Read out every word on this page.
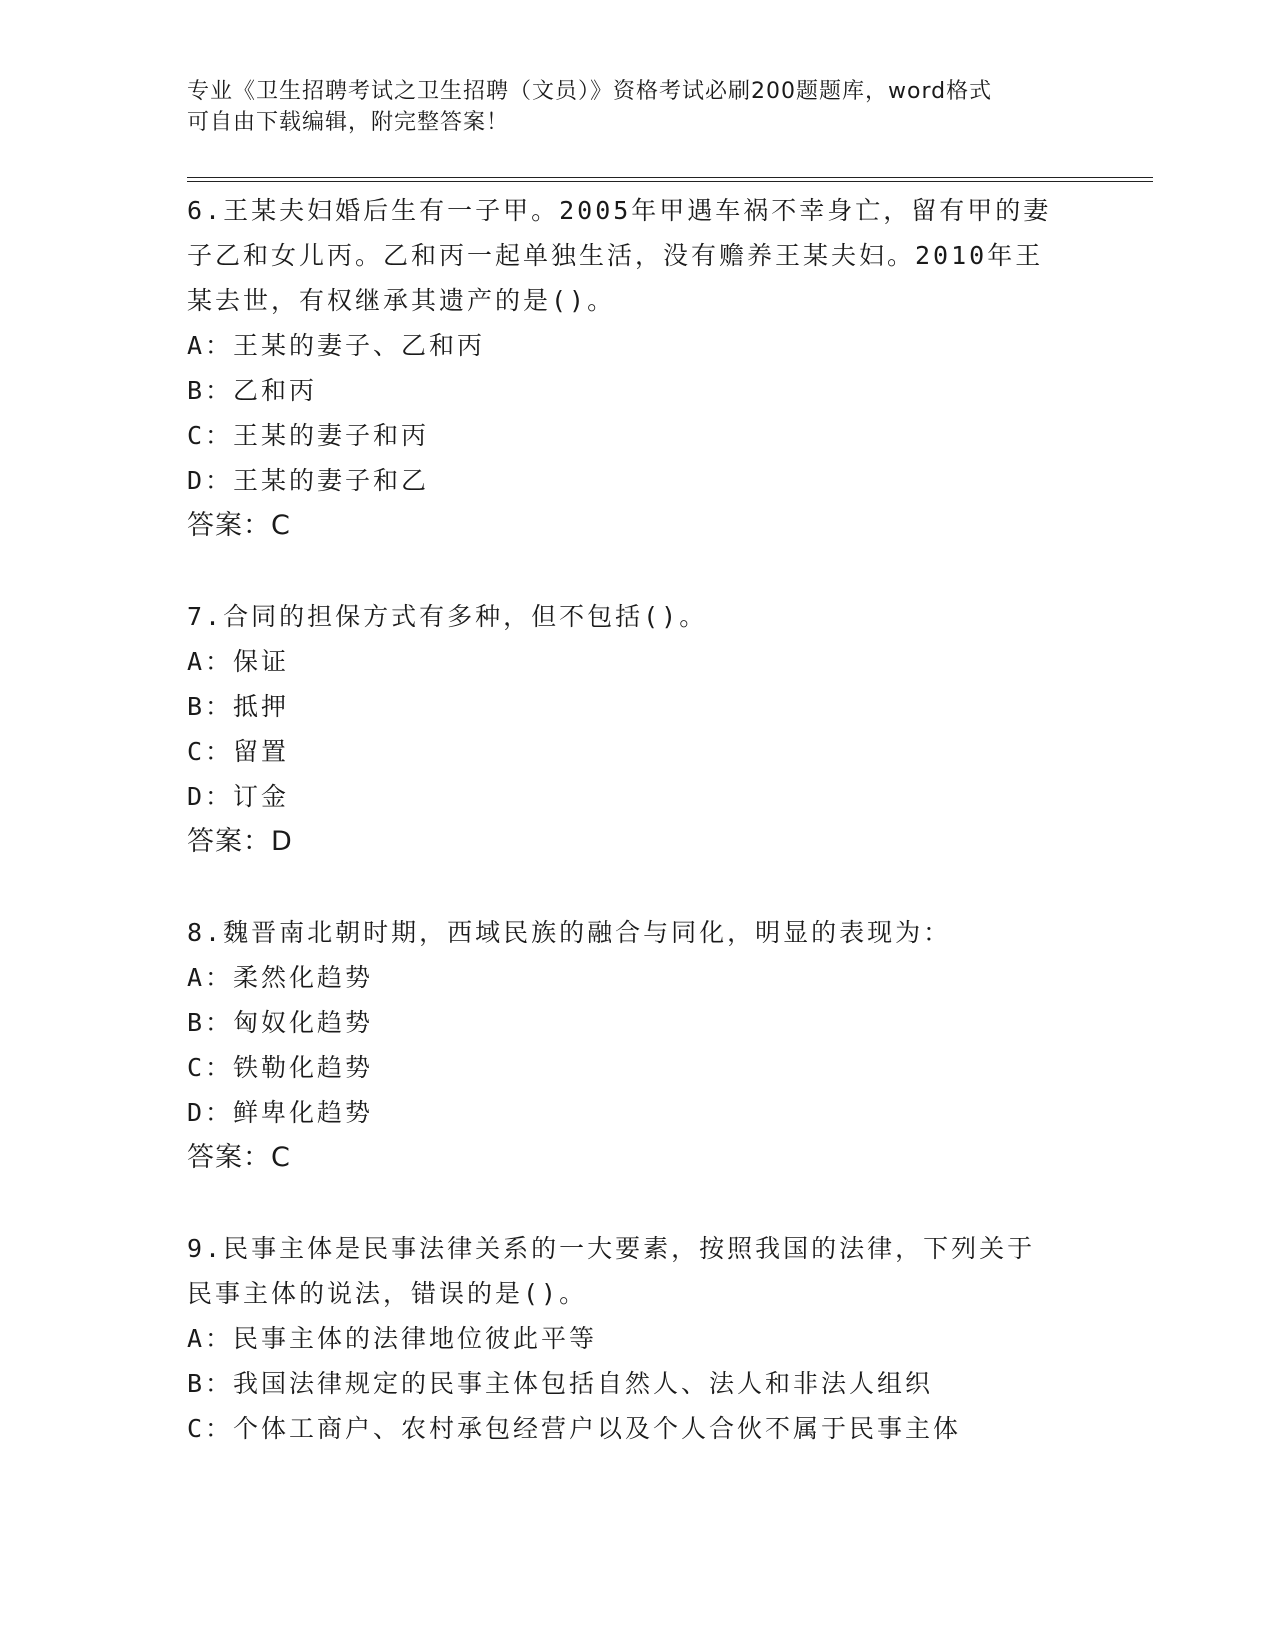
专业《卫生招聘考试之卫生招聘（文员）》资格考试必刷200题题库，word格式
可自由下载编辑，附完整答案！
6.王某夫妇婚后生有一子甲。2005年甲遇车祸不幸身亡，留有甲的妻
子乙和女儿丙。乙和丙一起单独生活，没有赡养王某夫妇。2010年王
某去世，有权继承其遗产的是()。
A：王某的妻子、乙和丙
B：乙和丙
C：王某的妻子和丙
D：王某的妻子和乙
答案：C
7.合同的担保方式有多种，但不包括()。
A：保证
B：抵押
C：留置
D：订金
答案：D
8.魏晋南北朝时期，西域民族的融合与同化，明显的表现为：
A：柔然化趋势
B：匈奴化趋势
C：铁勒化趋势
D：鲜卑化趋势
答案：C
9.民事主体是民事法律关系的一大要素，按照我国的法律，下列关于
民事主体的说法，错误的是()。
A：民事主体的法律地位彼此平等
B：我国法律规定的民事主体包括自然人、法人和非法人组织
C：个体工商户、农村承包经营户以及个人合伙不属于民事主体
